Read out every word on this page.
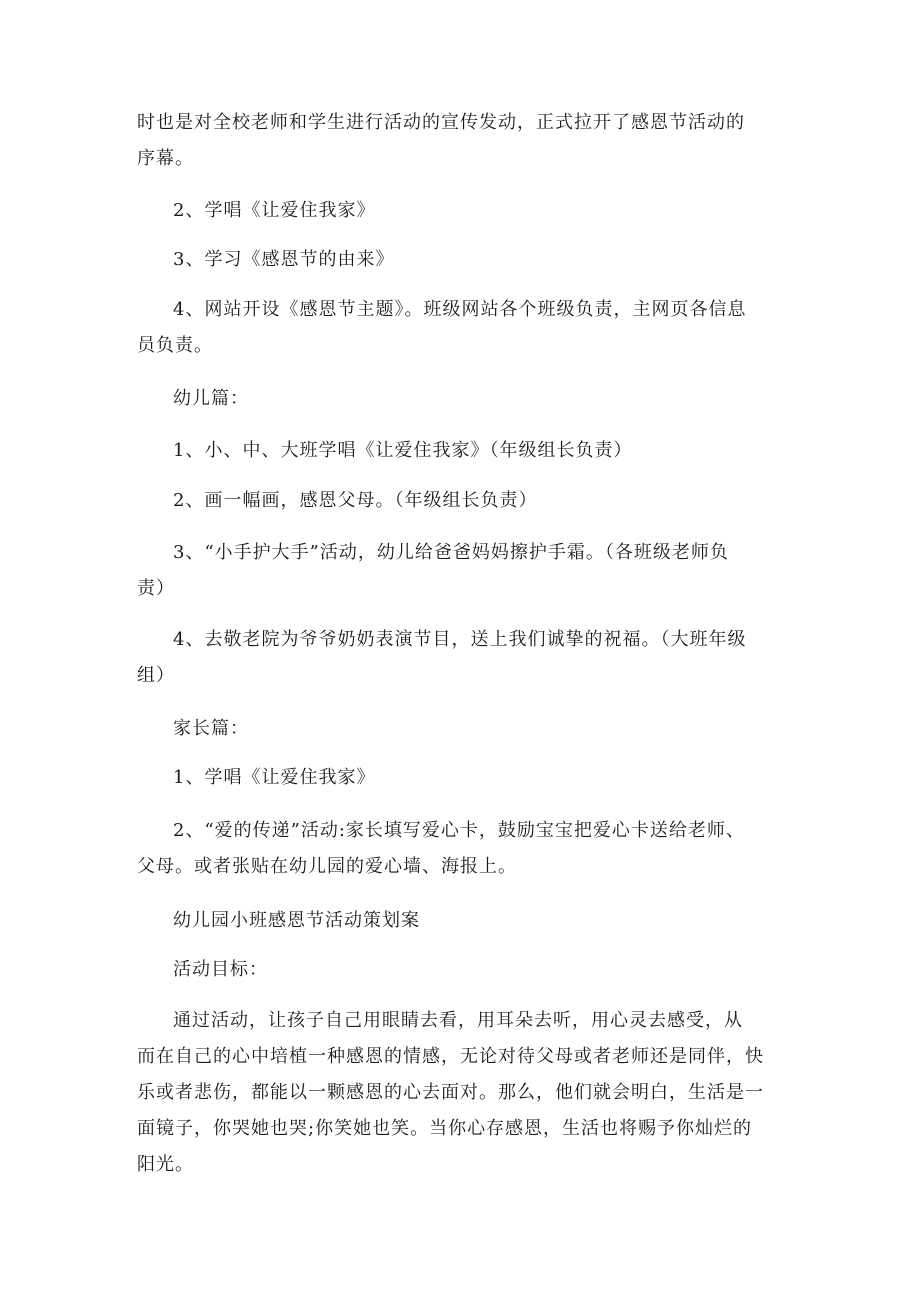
时也是对全校老师和学生进行活动的宣传发动，正式拉开了感恩节活动的
序幕。

2、学唱《让爱住我家》

3、学习《感恩节的由来》

4、网站开设《感恩节主题》。班级网站各个班级负责，主网页各信息
员负责。

幼儿篇：

1、小、中、大班学唱《让爱住我家》（年级组长负责）

2、画一幅画，感恩父母。（年级组长负责）

3、“小手护大手”活动，幼儿给爸爸妈妈擦护手霜。（各班级老师负
责）

4、去敬老院为爷爷奶奶表演节目，送上我们诚挚的祝福。（大班年级
组）

家长篇：

1、学唱《让爱住我家》

2、“爱的传递”活动:家长填写爱心卡，鼓励宝宝把爱心卡送给老师、
父母。或者张贴在幼儿园的爱心墙、海报上。

幼儿园小班感恩节活动策划案

活动目标：

通过活动，让孩子自己用眼睛去看，用耳朵去听，用心灵去感受，从
而在自己的心中培植一种感恩的情感，无论对待父母或者老师还是同伴，快
乐或者悲伤，都能以一颗感恩的心去面对。那么，他们就会明白，生活是一
面镜子，你哭她也哭;你笑她也笑。当你心存感恩，生活也将赐予你灿烂的
阳光。
